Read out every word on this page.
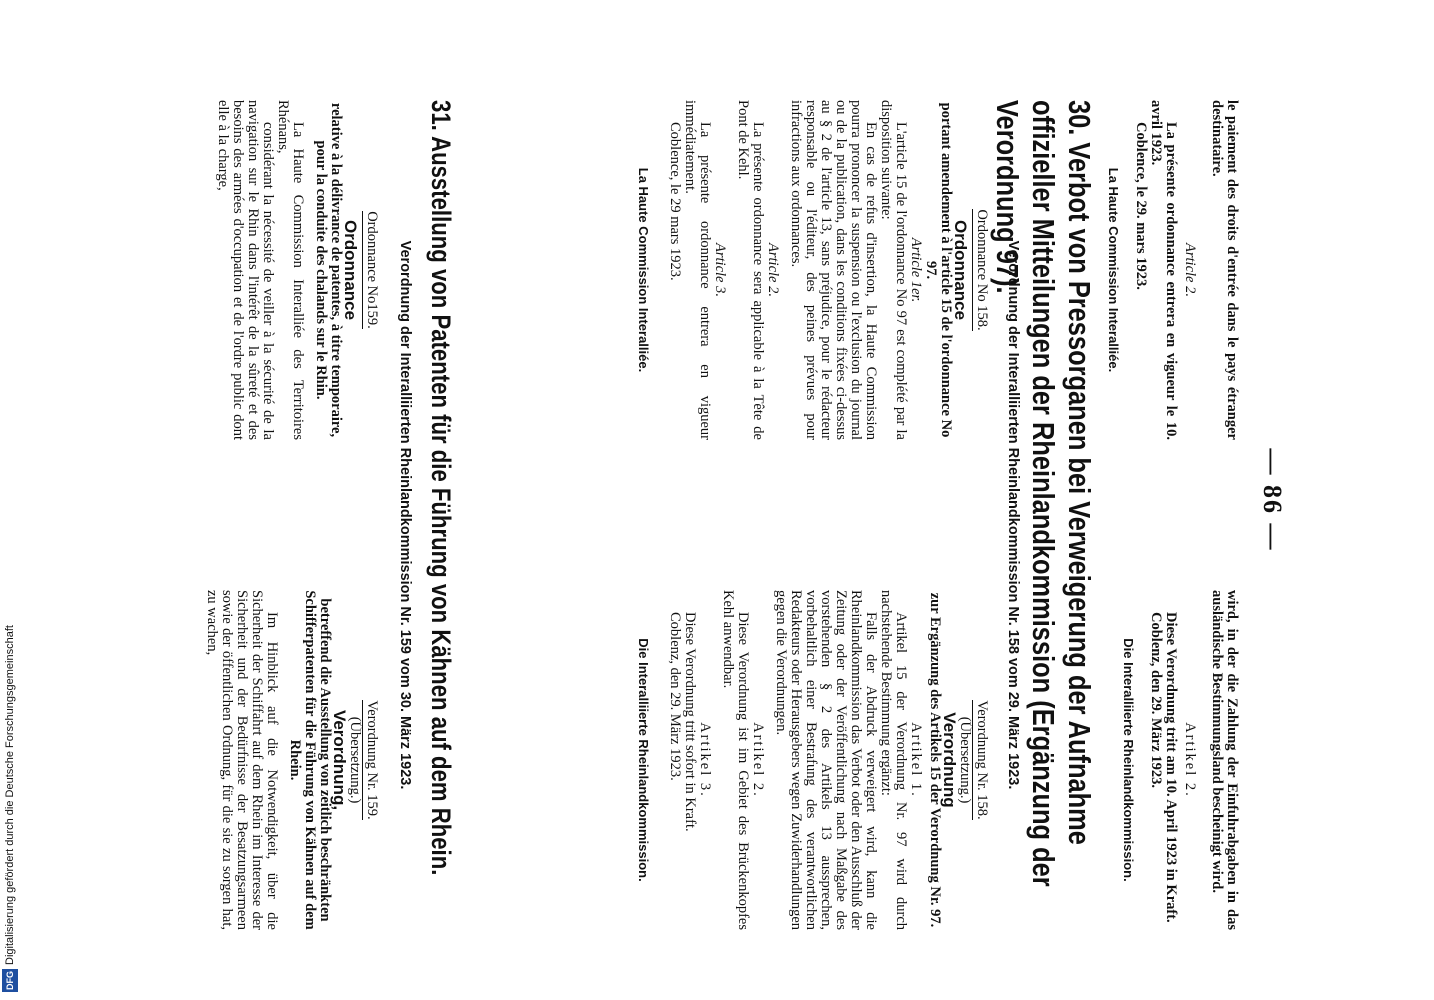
— 86 —

le paiement des droits d'entrée dans le pays étranger destinataire.

Article 2.

La présente ordonnance entrera en vigueur le 10. avril 1923.

Coblence, le 29. mars 1923.

La Haute Commission Interalliée.

wird, in der die Zahlung der Einfuhrabgaben in das ausländische Bestimmungsland bescheinigt wird.

Artikel 2.

Diese Verordnung tritt am 10. April 1923 in Kraft.

Coblenz, den 29. März 1923.

Die Interalliierte Rheinlandkommission.

30. Verbot von Pressorganen bei Verweigerung der Aufnahme offizieller Mitteilungen der Rheinlandkommission (Ergänzung der Verordnung 97).
Verordnung der Interalliierten Rheinlandkommission Nr. 158 vom 29. März 1923.

Ordonnance No 158.

Ordonnance

portant amendement à l'article 15 de l'ordonnance No 97.

Article 1er.

L'article 15 de l'ordonnance No 97 est complété par la disposition suivante:

En cas de refus d'insertion, la Haute Commission pourra prononcer la suspension ou l'exclusion du journal ou de la publication, dans les conditions fixées ci-dessus au § 2 de l'article 13, sans préjudice, pour le rédacteur responsable ou l'éditeur, des peines prévues pour infractions aux ordonnances.

Article 2.

La présente ordonnance sera applicable à la Tête de Pont de Kehl.

Article 3.

La présente ordonnance entrera en vigueur immédiatement.

Coblence, le 29 mars 1923.

La Haute Commission Interalliée.

Verordnung Nr. 158.

(Übersetzung.)

Verordnung

zur Ergänzung des Artikels 15 der Verordnung Nr. 97.

Artikel 1.

Artikel 15 der Verordnung Nr. 97 wird durch nachstehende Bestimmung ergänzt:

Falls der Abdruck verweigert wird, kann die Rheinlandkommission das Verbot oder den Ausschluß der Zeitung oder der Veröffentlichung nach Maßgabe des vorstehenden § 2 des Artikels 13 aussprechen, vorbehaltlich einer Bestrafung des verantwortlichen Redakteurs oder Herausgebers wegen Zuwiderhandlungen gegen die Verordnungen.

Artikel 2.

Diese Verordnung ist im Gebiet des Brückenkopfes Kehl anwendbar.

Artikel 3.

Diese Verordnung tritt sofort in Kraft.

Coblenz, den 29. März 1923.

Die Interalliierte Rheinlandkommission.

31. Ausstellung von Patenten für die Führung von Kähnen auf dem Rhein.
Verordnung der Interalliierten Rheinlandkommission Nr. 159 vom 30. März 1923.

Ordonnance No159.

Ordonnance

relative à la délivrance de patentes, à titre temporaire, pour la conduite des chalands sur le Rhin.

La Haute Commission Interalliée des Territoires Rhénans,

considérant la nécessité de veiller à la sécurité de la navigation sur le Rhin dans l'intérêt de la sûreté et des besoins des armées d'occupation et de l'ordre public dont elle à la charge,

Verordnung Nr. 159.

(Übersetzung.)

Verordnung,

betreffend die Ausstellung von zeitlich beschränkten Schifferpatenten für die Führung von Kähnen auf dem Rhein.

Im Hinblick auf die Notwendigkeit, über die Sicherheit der Schiffahrt auf dem Rhein im Interesse der Sicherheit und der Bedürfnisse der Besatzungsarmeen sowie der öffentlichen Ordnung, für die sie zu sorgen hat, zu wachen,

DFGDigitalisierung gefördert durch die Deutsche Forschungsgemeinschaft
